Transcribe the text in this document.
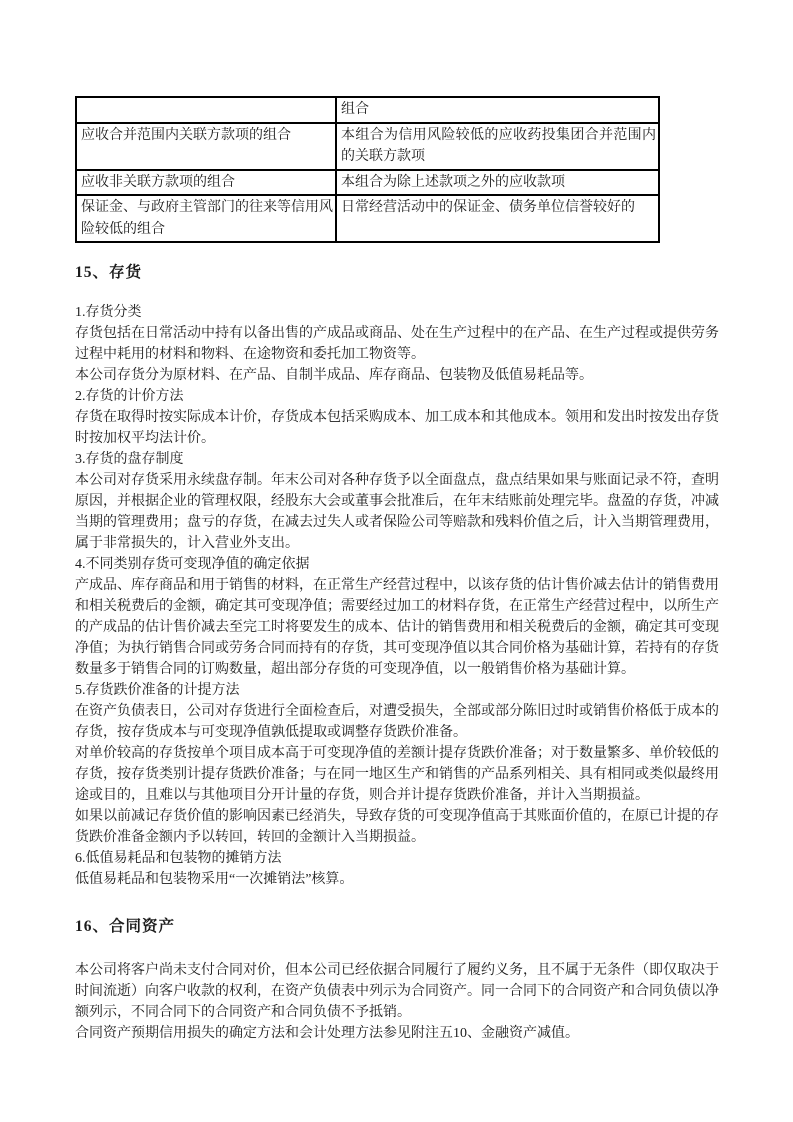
	组合
应收合并范围内关联方款项的组合	本组合为信用风险较低的应收药投集团合并范围内的关联方款项
应收非关联方款项的组合	本组合为除上述款项之外的应收款项
保证金、与政府主管部门的往来等信用风险较低的组合	日常经营活动中的保证金、债务单位信誉较好的
15、存货

1.存货分类

存货包括在日常活动中持有以备出售的产成品或商品、处在生产过程中的在产品、在生产过程或提供劳务过程中耗用的材料和物料、在途物资和委托加工物资等。

本公司存货分为原材料、在产品、自制半成品、库存商品、包装物及低值易耗品等。

2.存货的计价方法

存货在取得时按实际成本计价，存货成本包括采购成本、加工成本和其他成本。领用和发出时按发出存货时按加权平均法计价。

3.存货的盘存制度

本公司对存货采用永续盘存制。年末公司对各种存货予以全面盘点，盘点结果如果与账面记录不符，查明原因，并根据企业的管理权限，经股东大会或董事会批准后，在年末结账前处理完毕。盘盈的存货，冲减当期的管理费用；盘亏的存货，在减去过失人或者保险公司等赔款和残料价值之后，计入当期管理费用，属于非常损失的，计入营业外支出。

4.不同类别存货可变现净值的确定依据

产成品、库存商品和用于销售的材料，在正常生产经营过程中，以该存货的估计售价减去估计的销售费用和相关税费后的金额，确定其可变现净值；需要经过加工的材料存货，在正常生产经营过程中，以所生产的产成品的估计售价减去至完工时将要发生的成本、估计的销售费用和相关税费后的金额，确定其可变现净值；为执行销售合同或劳务合同而持有的存货，其可变现净值以其合同价格为基础计算，若持有的存货数量多于销售合同的订购数量，超出部分存货的可变现净值，以一般销售价格为基础计算。

5.存货跌价准备的计提方法

在资产负债表日，公司对存货进行全面检查后，对遭受损失，全部或部分陈旧过时或销售价格低于成本的存货，按存货成本与可变现净值孰低提取或调整存货跌价准备。

对单价较高的存货按单个项目成本高于可变现净值的差额计提存货跌价准备；对于数量繁多、单价较低的存货，按存货类别计提存货跌价准备；与在同一地区生产和销售的产品系列相关、具有相同或类似最终用途或目的，且难以与其他项目分开计量的存货，则合并计提存货跌价准备，并计入当期损益。

如果以前减记存货价值的影响因素已经消失，导致存货的可变现净值高于其账面价值的，在原已计提的存货跌价准备金额内予以转回，转回的金额计入当期损益。

6.低值易耗品和包装物的摊销方法

低值易耗品和包装物采用“一次摊销法”核算。

16、合同资产

本公司将客户尚未支付合同对价，但本公司已经依据合同履行了履约义务，且不属于无条件（即仅取决于时间流逝）向客户收款的权利，在资产负债表中列示为合同资产。同一合同下的合同资产和合同负债以净额列示，不同合同下的合同资产和合同负债不予抵销。

合同资产预期信用损失的确定方法和会计处理方法参见附注五10、金融资产减值。
